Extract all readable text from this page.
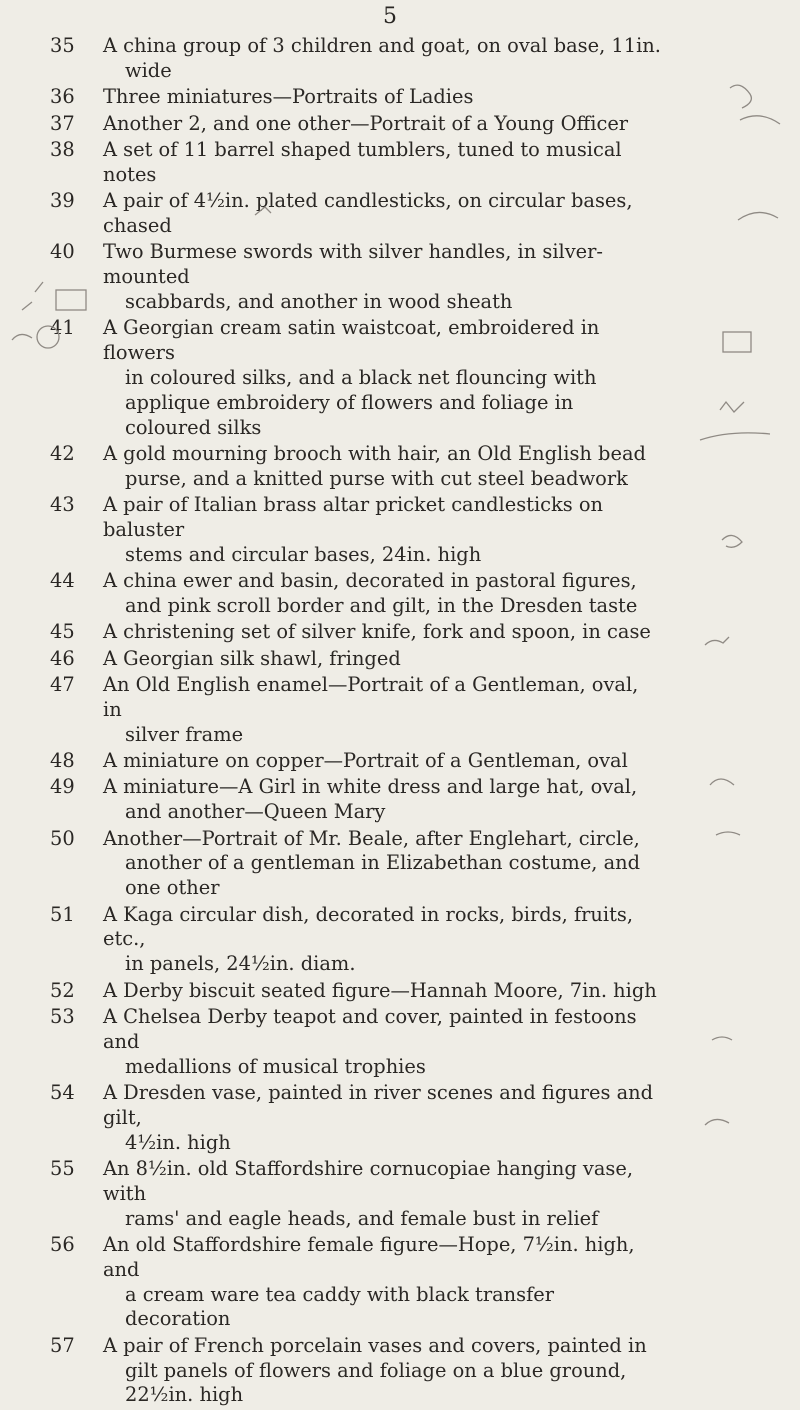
5
35	A china group of 3 children and goat, on oval base, 11in.
wide
36	Three miniatures—Portraits of Ladies
37	Another 2, and one other—Portrait of a Young Officer
38	A set of 11 barrel shaped tumblers, tuned to musical notes
39	A pair of 4½in. plated candlesticks, on circular bases, chased
40	Two Burmese swords with silver handles, in silver-mounted
scabbards, and another in wood sheath
41	A Georgian cream satin waistcoat, embroidered in flowers
in coloured silks, and a black net flouncing with applique embroidery of flowers and foliage in coloured silks
42	A gold mourning brooch with hair, an Old English bead
purse, and a knitted purse with cut steel beadwork
43	A pair of Italian brass altar pricket candlesticks on baluster
stems and circular bases, 24in. high
44	A china ewer and basin, decorated in pastoral figures,
and pink scroll border and gilt, in the Dresden taste
45	A christening set of silver knife, fork and spoon, in case
46	A Georgian silk shawl, fringed
47	An Old English enamel—Portrait of a Gentleman, oval, in
silver frame
48	A miniature on copper—Portrait of a Gentleman, oval
49	A miniature—A Girl in white dress and large hat, oval,
and another—Queen Mary
50	Another—Portrait of Mr. Beale, after Englehart, circle,
another of a gentleman in Elizabethan costume, and one other
51	A Kaga circular dish, decorated in rocks, birds, fruits, etc.,
in panels, 24½in. diam.
52	A Derby biscuit seated figure—Hannah Moore, 7in. high
53	A Chelsea Derby teapot and cover, painted in festoons and
medallions of musical trophies
54	A Dresden vase, painted in river scenes and figures and gilt,
4½in. high
55	An 8½in. old Staffordshire cornucopiae hanging vase, with
rams' and eagle heads, and female bust in relief
56	An old Staffordshire female figure—Hope, 7½in. high, and
a cream ware tea caddy with black transfer decoration
57	A pair of French porcelain vases and covers, painted in
gilt panels of flowers and foliage on a blue ground, 22½in. high
